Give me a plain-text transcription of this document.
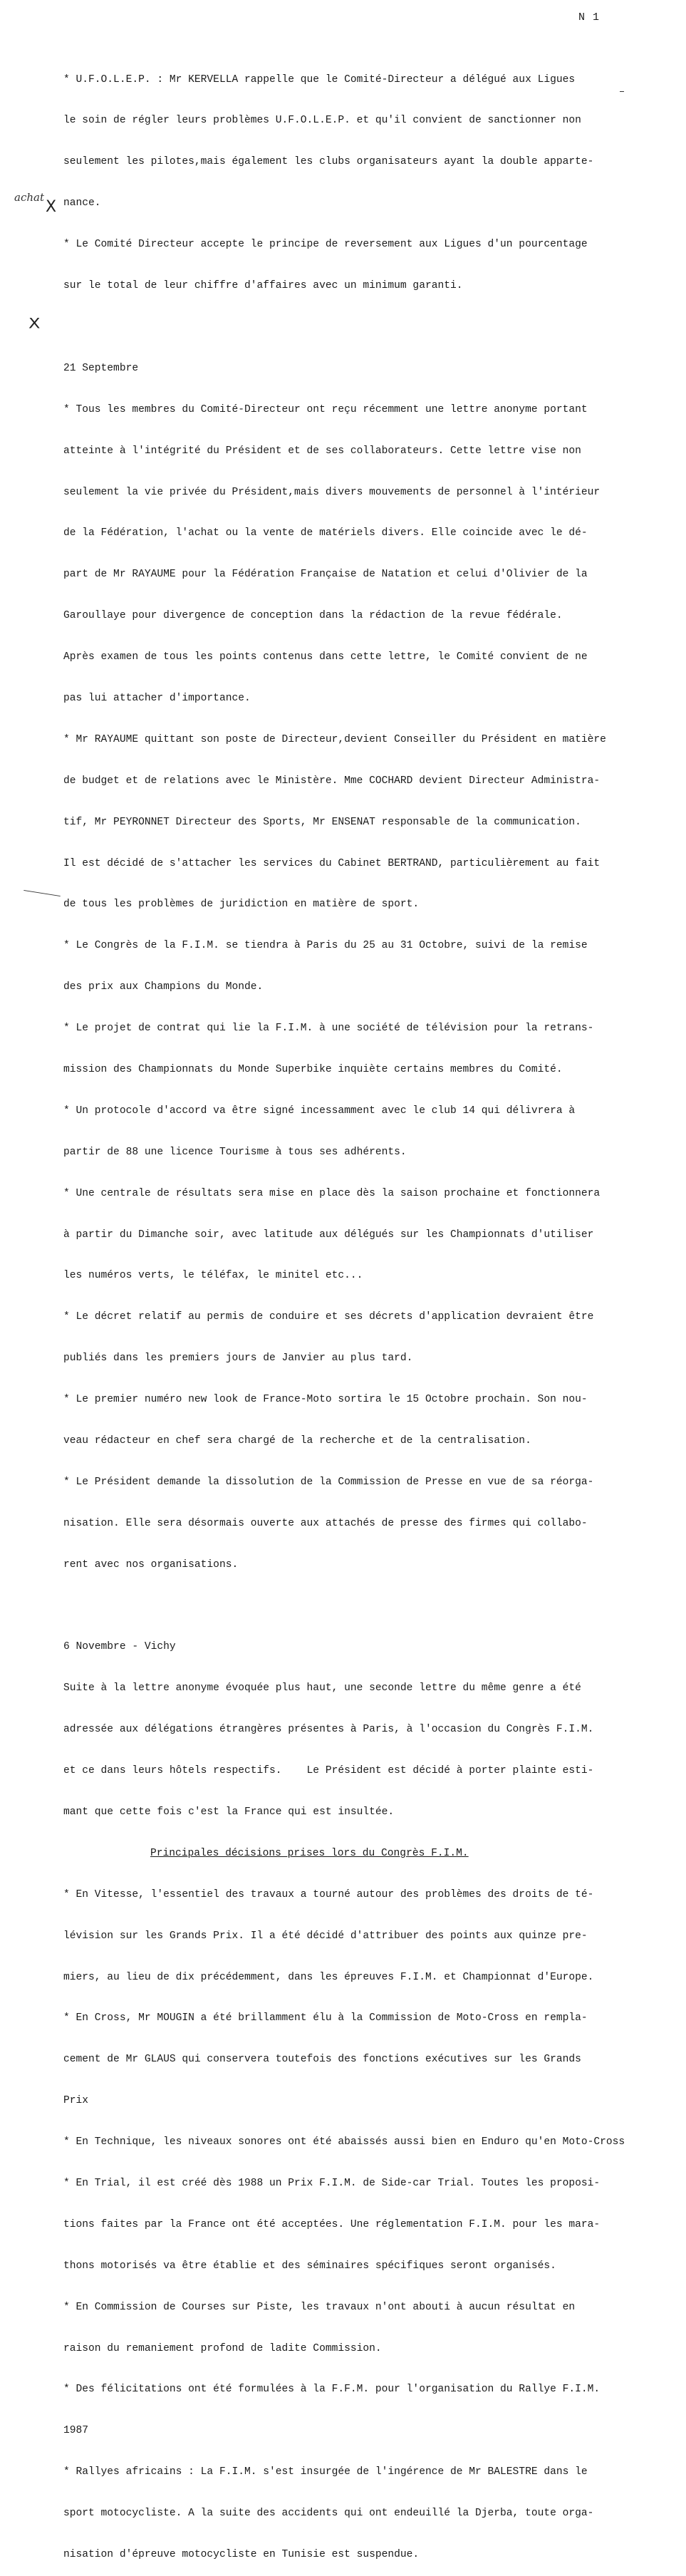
N 1
achat
X
X

* U.F.O.L.E.P. : Mr KERVELLA rappelle que le Comité-Directeur a délégué aux Ligues

le soin de régler leurs problèmes U.F.O.L.E.P. et qu'il convient de sanctionner non

seulement les pilotes,mais également les clubs organisateurs ayant la double apparte-

nance.

* Le Comité Directeur accepte le principe de reversement aux Ligues d'un pourcentage

sur le total de leur chiffre d'affaires avec un minimum garanti.

21 Septembre

* Tous les membres du Comité-Directeur ont reçu récemment une lettre anonyme portant

atteinte à l'intégrité du Président et de ses collaborateurs. Cette lettre vise non

seulement la vie privée du Président,mais divers mouvements de personnel à l'intérieur

de la Fédération, l'achat ou la vente de matériels divers. Elle coincide avec le dé-

part de Mr RAYAUME pour la Fédération Française de Natation et celui d'Olivier de la

Garoullaye pour divergence de conception dans la rédaction de la revue fédérale.

Après examen de tous les points contenus dans cette lettre, le Comité convient de ne

pas lui attacher d'importance.

* Mr RAYAUME quittant son poste de Directeur,devient Conseiller du Président en matière

de budget et de relations avec le Ministère. Mme COCHARD devient Directeur Administra-

tif, Mr PEYRONNET Directeur des Sports, Mr ENSENAT responsable de la communication.

Il est décidé de s'attacher les services du Cabinet BERTRAND, particulièrement au fait

de tous les problèmes de juridiction en matière de sport.

* Le Congrès de la F.I.M. se tiendra à Paris du 25 au 31 Octobre, suivi de la remise

des prix aux Champions du Monde.

* Le projet de contrat qui lie la F.I.M. à une société de télévision pour la retrans-

mission des Championnats du Monde Superbike inquiète certains membres du Comité.

* Un protocole d'accord va être signé incessamment avec le club 14 qui délivrera à

partir de 88 une licence Tourisme à tous ses adhérents.

* Une centrale de résultats sera mise en place dès la saison prochaine et fonctionnera

à partir du Dimanche soir, avec latitude aux délégués sur les Championnats d'utiliser

les numéros verts, le téléfax, le minitel etc...

* Le décret relatif au permis de conduire et ses décrets d'application devraient être

publiés dans les premiers jours de Janvier au plus tard.

* Le premier numéro new look de France-Moto sortira le 15 Octobre prochain. Son nou-

veau rédacteur en chef sera chargé de la recherche et de la centralisation.

* Le Président demande la dissolution de la Commission de Presse en vue de sa réorga-

nisation. Elle sera désormais ouverte aux attachés de presse des firmes qui collabo-

rent avec nos organisations.

6 Novembre - Vichy

Suite à la lettre anonyme évoquée plus haut, une seconde lettre du même genre a été

adressée aux délégations étrangères présentes à Paris, à l'occasion du Congrès F.I.M.

et ce dans leurs hôtels respectifs.    Le Président est décidé à porter plainte esti-

mant que cette fois c'est la France qui est insultée.

Principales décisions prises lors du Congrès F.I.M.

* En Vitesse, l'essentiel des travaux a tourné autour des problèmes des droits de té-

lévision sur les Grands Prix. Il a été décidé d'attribuer des points aux quinze pre-

miers, au lieu de dix précédemment, dans les épreuves F.I.M. et Championnat d'Europe.

* En Cross, Mr MOUGIN a été brillamment élu à la Commission de Moto-Cross en rempla-

cement de Mr GLAUS qui conservera toutefois des fonctions exécutives sur les Grands

Prix

* En Technique, les niveaux sonores ont été abaissés aussi bien en Enduro qu'en Moto-Cross

* En Trial, il est créé dès 1988 un Prix F.I.M. de Side-car Trial. Toutes les proposi-

tions faites par la France ont été acceptées. Une réglementation F.I.M. pour les mara-

thons motorisés va être établie et des séminaires spécifiques seront organisés.

* En Commission de Courses sur Piste, les travaux n'ont abouti à aucun résultat en

raison du remaniement profond de ladite Commission.

* Des félicitations ont été formulées à la F.F.M. pour l'organisation du Rallye F.I.M.

1987

* Rallyes africains : La F.I.M. s'est insurgée de l'ingérence de Mr BALESTRE dans le

sport motocycliste. A la suite des accidents qui ont endeuillé la Djerba, toute orga-

nisation d'épreuve motocycliste en Tunisie est suspendue.
